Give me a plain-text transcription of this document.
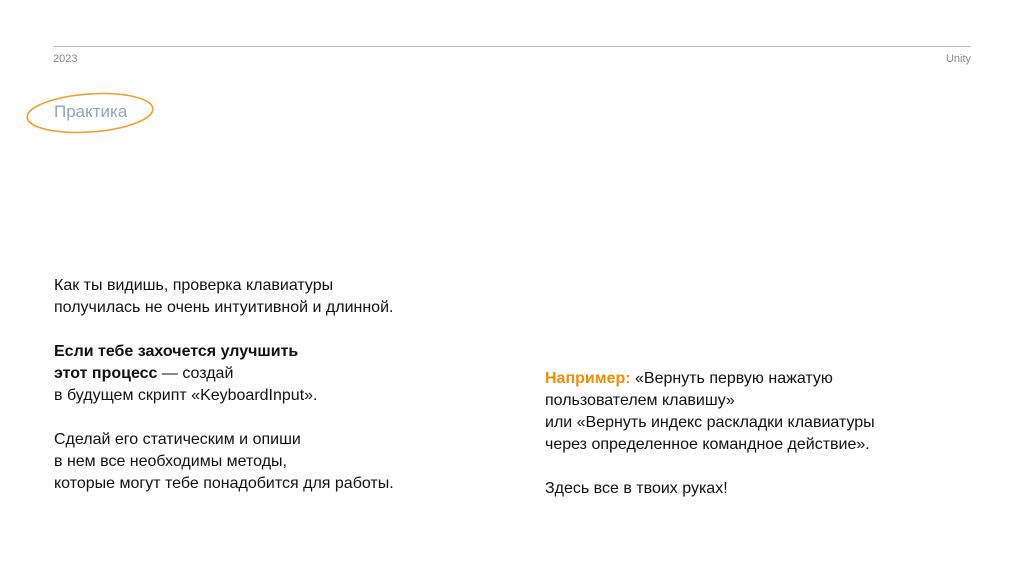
2023	Unity
Практика

Как ты видишь, проверка клавиатуры
получилась не очень интуитивной и длинной.

Если тебе захочется улучшить
этот процесс — создай
в будущем скрипт «KeyboardInput».

Сделай его статическим и опиши
в нем все необходимы методы,
которые могут тебе понадобится для работы.

Например: «Вернуть первую нажатую
пользователем клавишу»
или «Вернуть индекс раскладки клавиатуры
через определенное командное действие».

Здесь все в твоих руках!
